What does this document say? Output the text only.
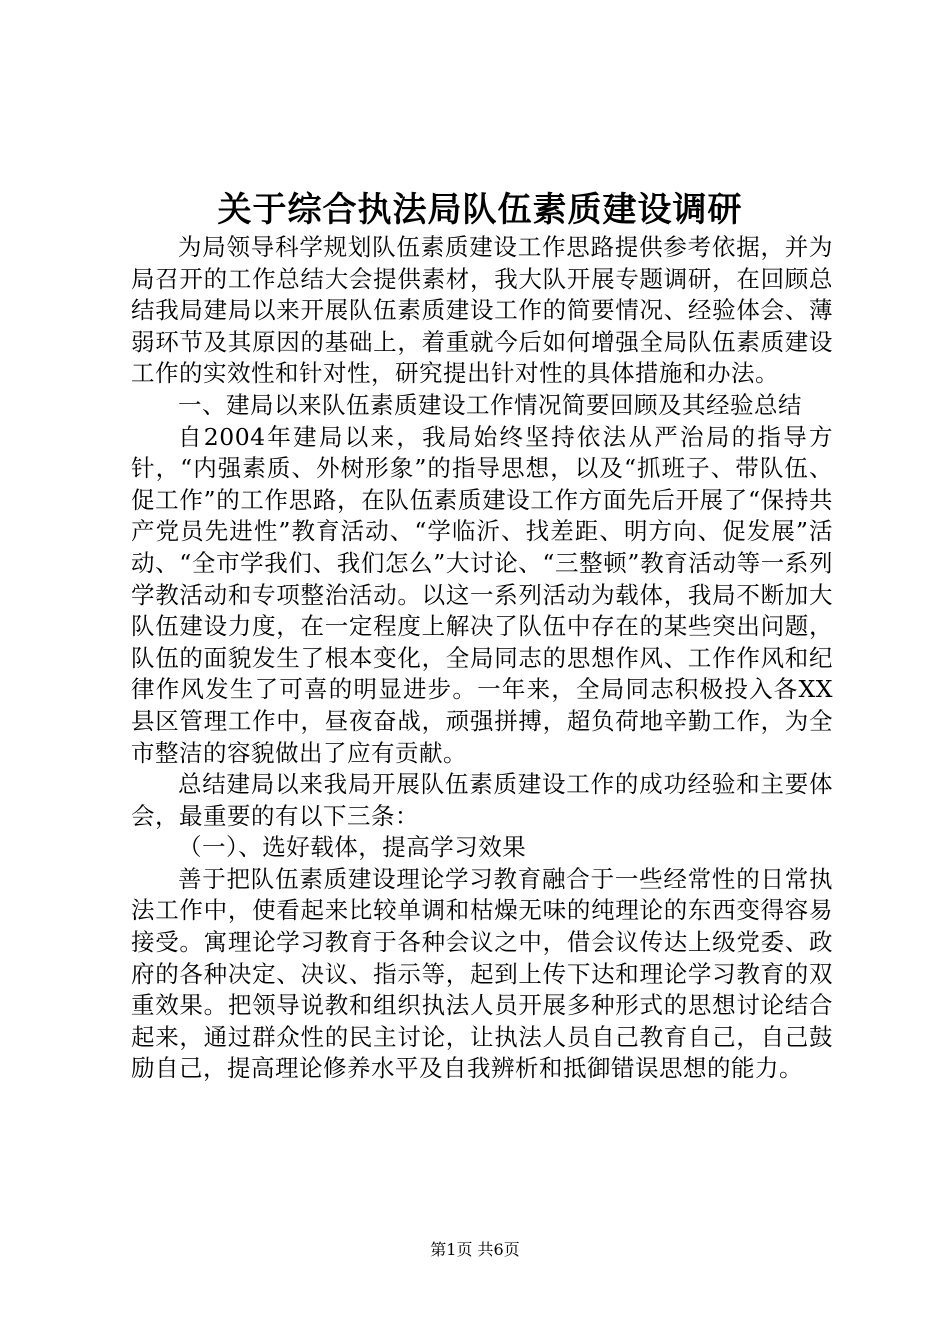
关于综合执法局队伍素质建设调研

为局领导科学规划队伍素质建设工作思路提供参考依据，并为局召开的工作总结大会提供素材，我大队开展专题调研，在回顾总结我局建局以来开展队伍素质建设工作的简要情况、经验体会、薄弱环节及其原因的基础上，着重就今后如何增强全局队伍素质建设工作的实效性和针对性，研究提出针对性的具体措施和办法。

一、建局以来队伍素质建设工作情况简要回顾及其经验总结

自2004年建局以来，我局始终坚持依法从严治局的指导方针，“内强素质、外树形象”的指导思想，以及“抓班子、带队伍、促工作”的工作思路，在队伍素质建设工作方面先后开展了“保持共产党员先进性”教育活动、“学临沂、找差距、明方向、促发展”活动、“全市学我们、我们怎么”大讨论、“三整顿”教育活动等一系列学教活动和专项整治活动。以这一系列活动为载体，我局不断加大队伍建设力度，在一定程度上解决了队伍中存在的某些突出问题，队伍的面貌发生了根本变化，全局同志的思想作风、工作作风和纪律作风发生了可喜的明显进步。一年来，全局同志积极投入各XX县区管理工作中，昼夜奋战，顽强拼搏，超负荷地辛勤工作，为全市整洁的容貌做出了应有贡献。

总结建局以来我局开展队伍素质建设工作的成功经验和主要体会，最重要的有以下三条：

（一）、选好载体，提高学习效果

善于把队伍素质建设理论学习教育融合于一些经常性的日常执法工作中，使看起来比较单调和枯燥无味的纯理论的东西变得容易接受。寓理论学习教育于各种会议之中，借会议传达上级党委、政府的各种决定、决议、指示等，起到上传下达和理论学习教育的双重效果。把领导说教和组织执法人员开展多种形式的思想讨论结合起来，通过群众性的民主讨论，让执法人员自己教育自己，自己鼓励自己，提高理论修养水平及自我辨析和抵御错误思想的能力。

第1页 共6页
